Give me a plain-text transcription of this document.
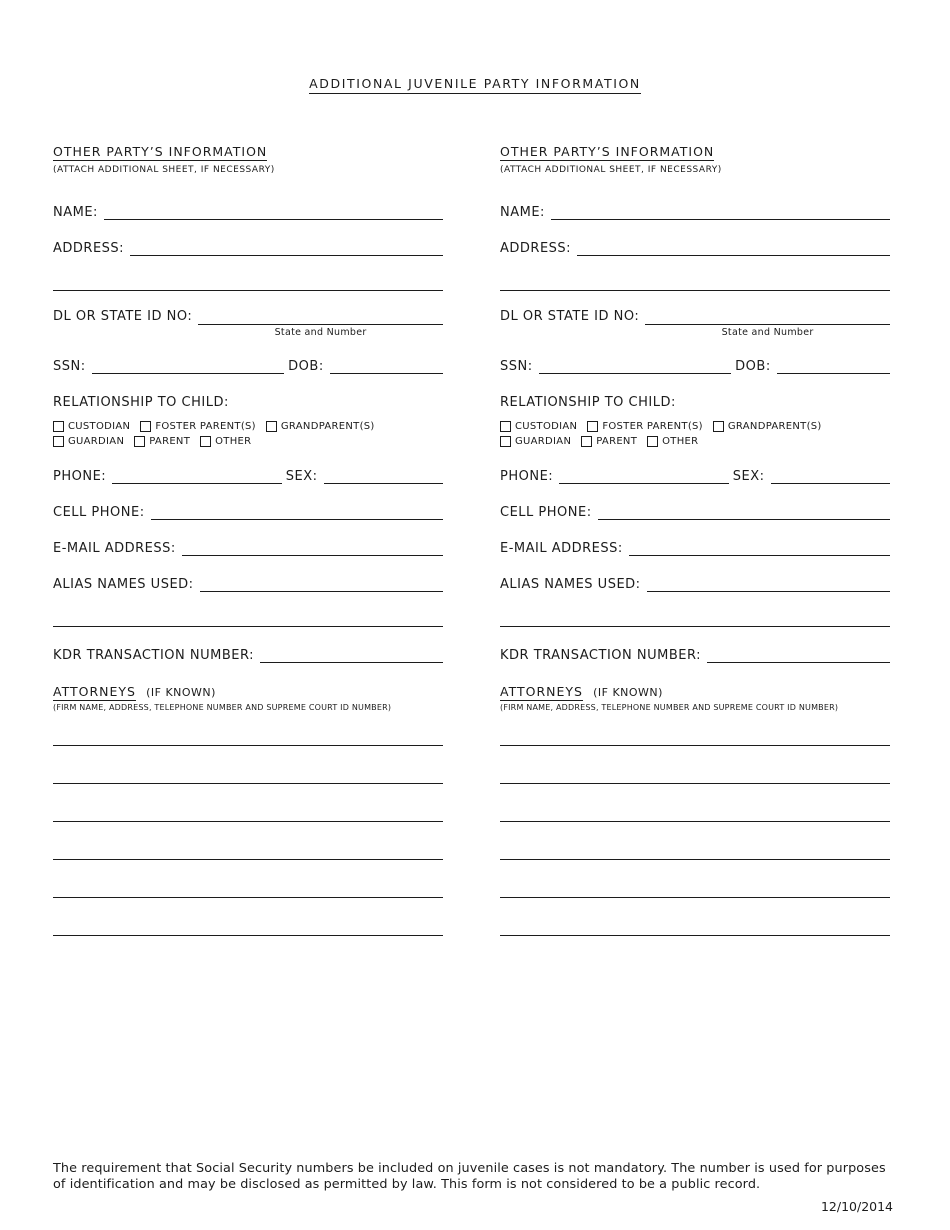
ADDITIONAL JUVENILE PARTY INFORMATION
OTHER PARTY’S INFORMATION
(ATTACH ADDITIONAL SHEET, IF NECESSARY)
NAME:
ADDRESS:
DL OR STATE ID NO:
State and Number
SSN:	DOB:
RELATIONSHIP TO CHILD:
CUSTODIAN	FOSTER PARENT(S)	GRANDPARENT(S)
GUARDIAN	PARENT	OTHER
PHONE:	SEX:
CELL PHONE:
E-MAIL ADDRESS:
ALIAS NAMES USED:
KDR TRANSACTION NUMBER:
ATTORNEYS (IF KNOWN)
(FIRM NAME, ADDRESS, TELEPHONE NUMBER AND SUPREME COURT ID NUMBER)
OTHER PARTY’S INFORMATION
(ATTACH ADDITIONAL SHEET, IF NECESSARY)
NAME:
ADDRESS:
DL OR STATE ID NO:
State and Number
SSN:	DOB:
RELATIONSHIP TO CHILD:
CUSTODIAN	FOSTER PARENT(S)	GRANDPARENT(S)
GUARDIAN	PARENT	OTHER
PHONE:	SEX:
CELL PHONE:
E-MAIL ADDRESS:
ALIAS NAMES USED:
KDR TRANSACTION NUMBER:
ATTORNEYS (IF KNOWN)
(FIRM NAME, ADDRESS, TELEPHONE NUMBER AND SUPREME COURT ID NUMBER)
The requirement that Social Security numbers be included on juvenile cases is not mandatory. The number is used for purposes of identification and may be disclosed as permitted by law. This form is not considered to be a public record.
12/10/2014
